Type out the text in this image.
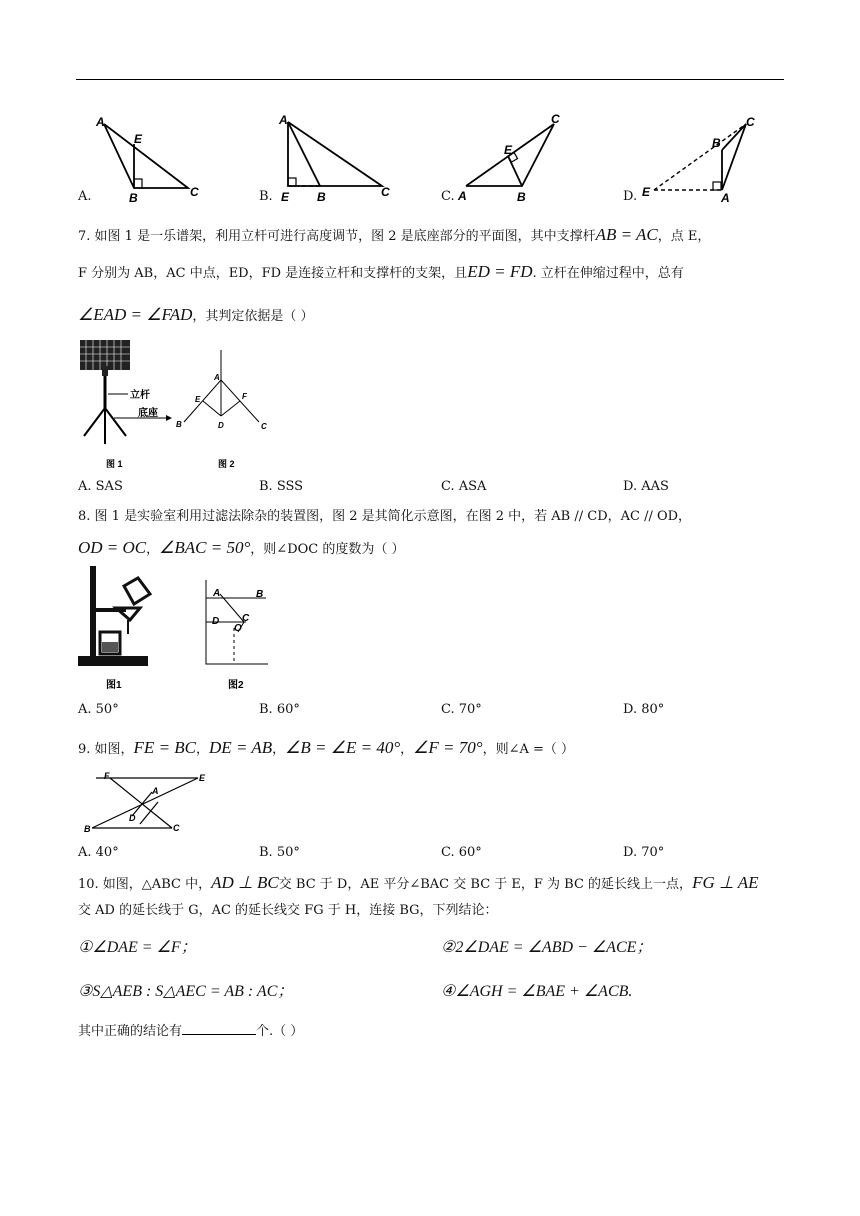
A
E
B	C
A
E B	C	A
E
B
C
E
B
C
A
A.	B.	C.	D.
7. 如图 1 是一乐谱架，利用立杆可进行高度调节，图 2 是底座部分的平面图，其中支撑杆AB = AC，点 E，
F 分别为 AB，AC 中点，ED，FD 是连接立杆和支撑杆的支架，且ED = FD. 立杆在伸缩过程中，总有
∠EAD = ∠FAD，其判定依据是（ ）
立杆
底座
图 1
A
E	F
D
B	C
图 2
A. SAS	B. SSS	C. ASA	D. AAS
8. 图 1 是实验室利用过滤法除杂的装置图，图 2 是其简化示意图，在图 2 中，若 AB // CD，AC // OD，
OD = OC，∠BAC = 50°，则∠DOC 的度数为（ ）
图1
A	B
D C
O
图2
A. 50°	B. 60°	C. 70°	D. 80°
9. 如图，FE = BC，DE = AB，∠B = ∠E = 40°，∠F = 70°，则∠A =（ ）
F	E
A
D
B	C
A. 40°	B. 50°	C. 60°	D. 70°
10. 如图，△ABC 中，AD ⊥ BC交 BC 于 D，AE 平分∠BAC 交 BC 于 E，F 为 BC 的延长线上一点，FG ⊥ AE
交 AD 的延长线于 G，AC 的延长线交 FG 于 H，连接 BG，下列结论：
①∠DAE = ∠F；	②2∠DAE = ∠ABD − ∠ACE；
③S△AEB : S△AEC = AB : AC；	④∠AGH = ∠BAE + ∠ACB.
其中正确的结论有	个.（ ）
